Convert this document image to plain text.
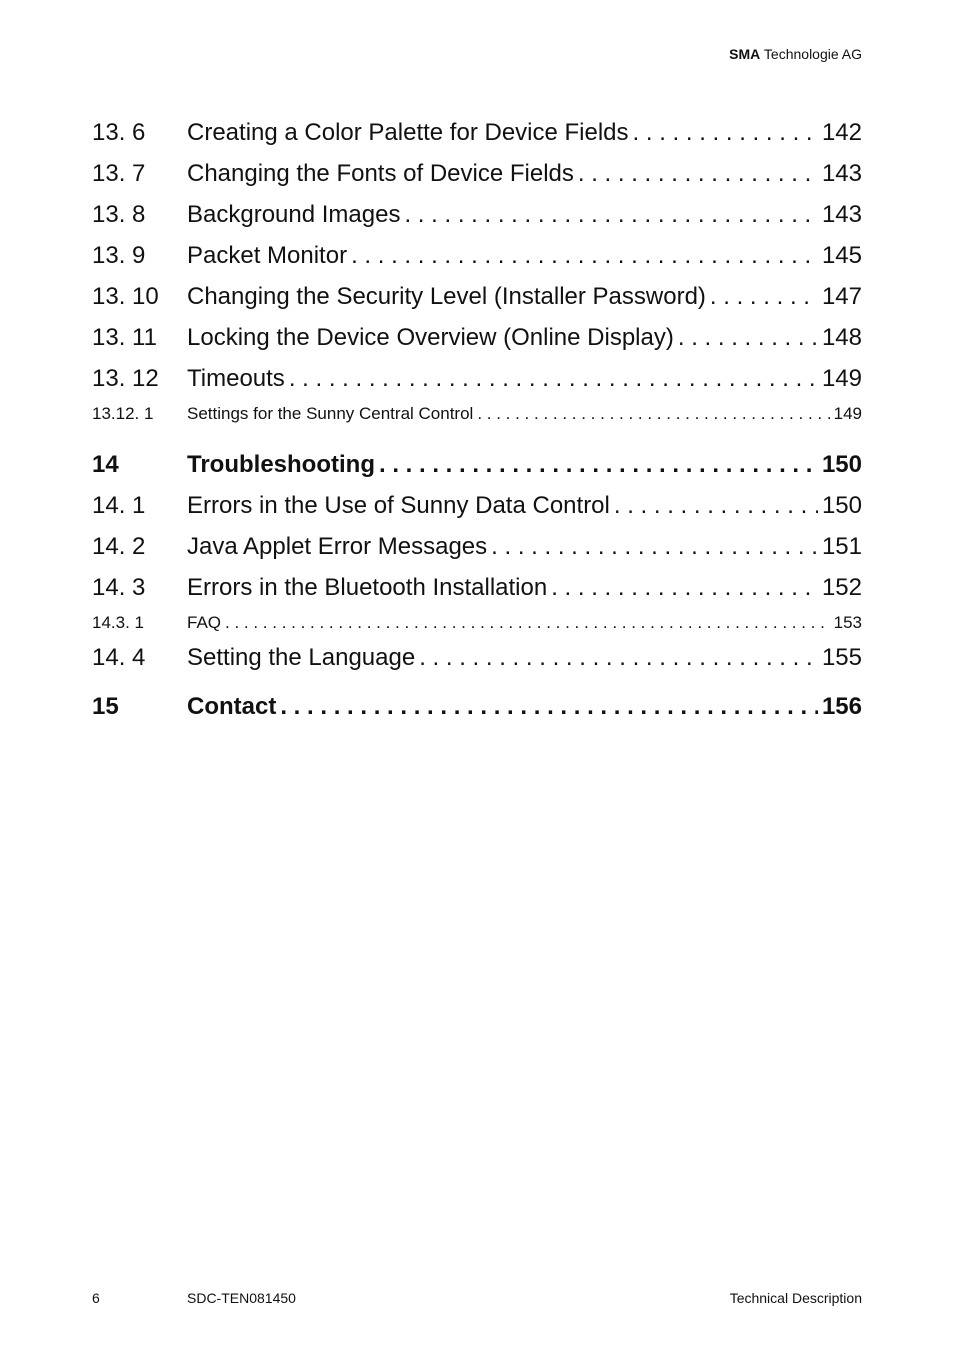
SMA Technologie AG
13. 6	Creating a Color Palette for Device Fields . . .	142
13. 7	Changing the Fonts of Device Fields . . .	143
13. 8	Background Images . . .	143
13. 9	Packet Monitor . . .	145
13. 10	Changing the Security Level (Installer Password) . . .	147
13. 11	Locking the Device Overview (Online Display) . . .	148
13. 12	Timeouts . . .	149
13.12. 1	Settings for the Sunny Central Control . . .	149
14	Troubleshooting . . .	150
14. 1	Errors in the Use of Sunny Data Control . . .	150
14. 2	Java Applet Error Messages . . .	151
14. 3	Errors in the Bluetooth Installation . . .	152
14.3. 1	FAQ . . .	153
14. 4	Setting the Language . . .	155
15	Contact . . .	156
6	SDC-TEN081450	Technical Description
